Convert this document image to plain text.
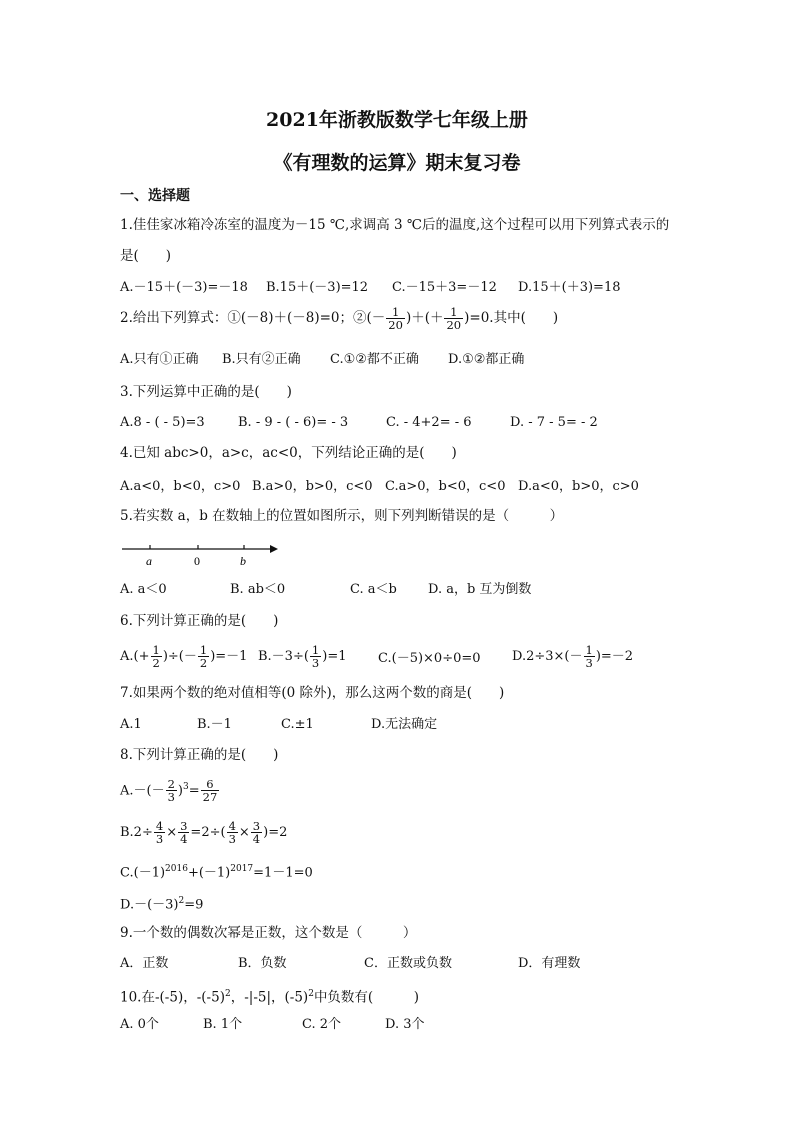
2021年浙教版数学七年级上册
《有理数的运算》期末复习卷
一、选择题
1.佳佳家冰箱冷冻室的温度为－15 ℃,求调高 3 ℃后的温度,这个过程可以用下列算式表示的
是(　　)
A.－15＋(－3)=－18 B.15＋(－3)=12 C.－15＋3=－12 D.15＋(＋3)=18
2.给出下列算式：①(－8)＋(－8)=0；②(－ $\frac{1}{20}$ )＋(＋ $\frac{1}{20} )=0$.其中(　　)
A.只有①正确 B.只有②正确 C.①②都不正确 D.①②都正确
3.下列运算中正确的是(　　)
A.8 - ( - 5)=3	B. - 9 - ( - 6)= - 3	C. - 4+2= - 6	D. - 7 - 5= - 2
4.已知 abc>0，a>c，ac<0，下列结论正确的是(　　)
A.a<0，b<0，c>0 B.a>0，b>0，c<0 C.a>0，b<0，c<0 D.a<0，b>0，c>0
5.若实数 a，b 在数轴上的位置如图所示，则下列判断错误的是（　　　）
a	0	b
A. a＜0	B. ab＜0	C. a＜b D. a，b 互为倒数
6.下列计算正确的是(　　)
$A.(+ \frac{1}{2}$ )÷(－ $\frac{1}{2} )=-1$ $B.-3\div( \frac{1}{3} )=1$ C.(－5)×0÷0=0 $D.2\div 3\times(- \frac{1}{3} )=-2$
7.如果两个数的绝对值相等(0 除外)，那么这两个数的商是(　　)
A.1	B.－1	C.±1	D.无法确定
8.下列计算正确的是(　　)
$A.-(- \frac{2}{3} )^3= \frac{6}{27}$
$B.2\div \frac{4}{3} \times \frac{3}{4} =2\div( \frac{4}{3} \times \frac{3}{4} )=2$
$C.(-1)^{2016}+(-1)^{2017}=1-1=0$
$D.-(-3)^2=9$
9.一个数的偶数次幂是正数，这个数是（　　　）
A．正数	B．负数	C．正数或负数	D．有理数
10.在-(-5)，$-(-5)^2$，-|-5|，$(-5)^2$中负数有(　　　)
A. 0个	B. 1个	C. 2个	D. 3个
